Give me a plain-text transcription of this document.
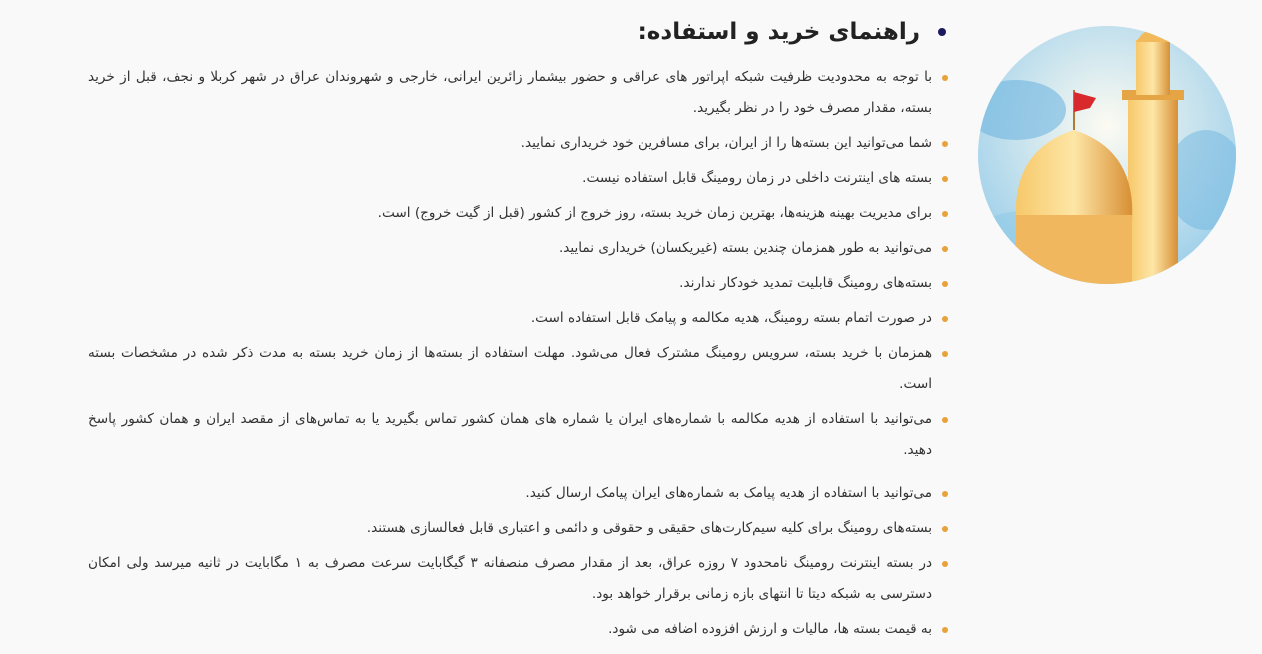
راهنمای خرید و استفاده:
با توجه به محدودیت ظرفیت شبکه اپراتور های عراقی و حضور بیشمار زائرین ایرانی، خارجی و شهروندان عراق در شهر کربلا و نجف، قبل از خرید بسته، مقدار مصرف خود را در نظر بگیرید.
شما می‌توانید این بسته‌ها را از ایران، برای مسافرین خود خریداری نمایید.
بسته های اینترنت داخلی در زمان رومینگ قابل استفاده نیست.
برای مدیریت بهینه هزینه‌ها، بهترین زمان خرید بسته، روز خروج از کشور (قبل از گیت خروج) است.
می‌توانید به طور همزمان چندین بسته (غیریکسان) خریداری نمایید.
بسته‌های رومینگ قابلیت تمدید خودکار ندارند.
در صورت اتمام بسته رومینگ، هدیه مکالمه و پیامک قابل استفاده است.
همزمان با خرید بسته، سرویس رومینگ مشترک فعال می‌شود. مهلت استفاده از بسته‌ها از زمان خرید بسته به مدت ذکر شده در مشخصات بسته است.
می‌توانید با استفاده از هدیه مکالمه با شماره‌های ایران یا شماره های همان کشور تماس بگیرید یا به تماس‌های از مقصد ایران و همان کشور پاسخ دهید.
می‌توانید با استفاده از هدیه پیامک به شماره‌های ایران پیامک ارسال کنید.
بسته‌های رومینگ برای کلیه سیم‌کارت‌های حقیقی و حقوقی و دائمی و اعتباری قابل فعالسازی هستند.
در بسته اینترنت رومینگ نامحدود ۷ روزه عراق، بعد از مقدار مصرف منصفانه ۳ گیگابایت سرعت مصرف به ۱ مگابایت در ثانیه میرسد ولی امکان دسترسی به شبکه دیتا تا انتهای بازه زمانی برقرار خواهد بود.
به قیمت بسته ها، مالیات و ارزش افزوده اضافه می شود.
